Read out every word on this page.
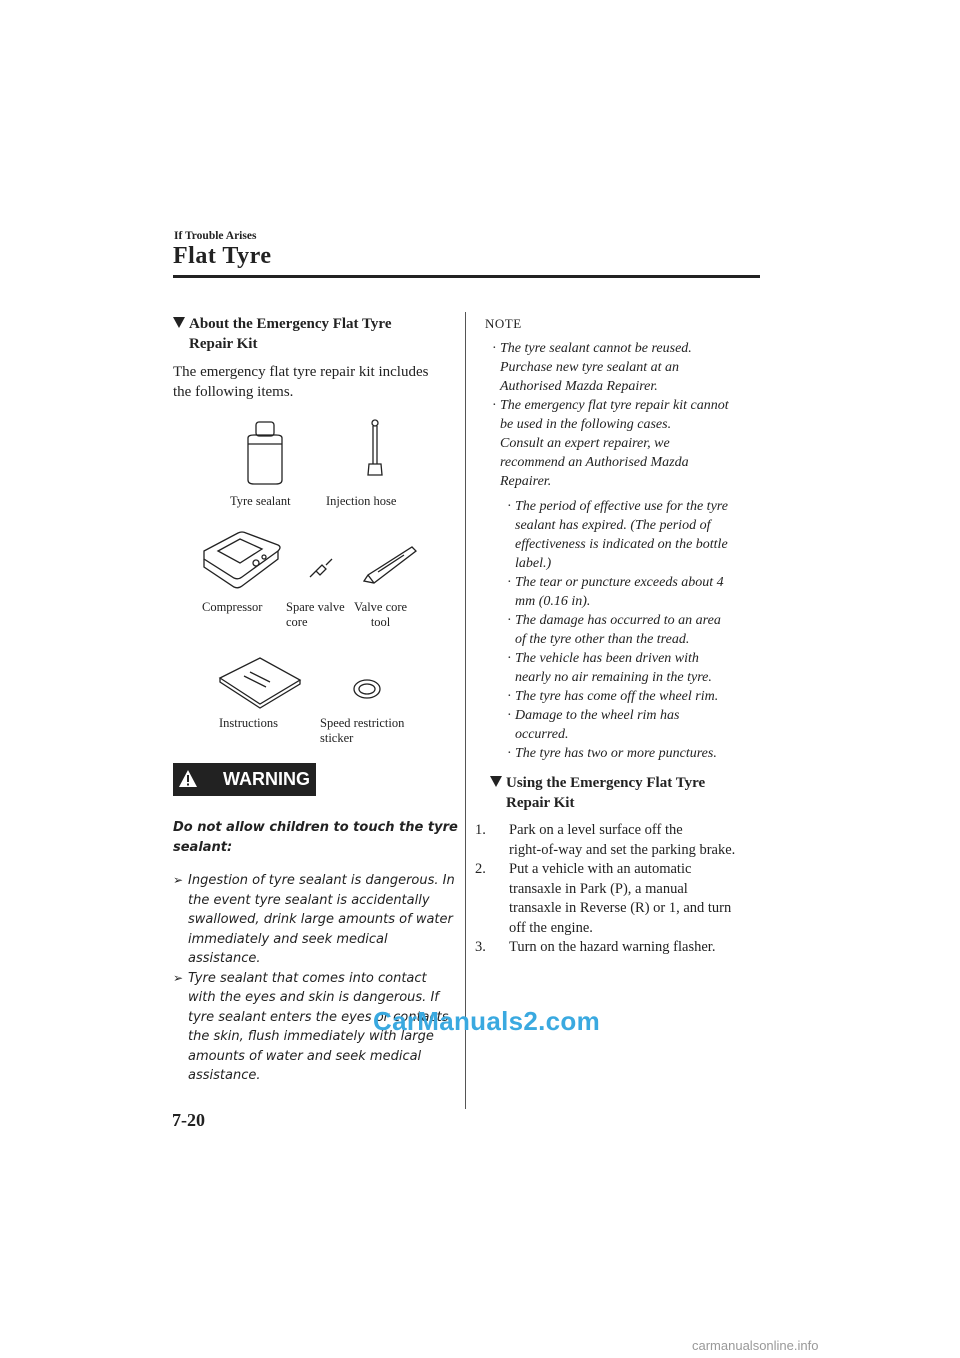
If Trouble Arises
Flat Tyre
About the Emergency Flat Tyre
Repair Kit
The emergency flat tyre repair kit includes
the following items.
Tyre sealant	Injection hose
Compressor Spare valve
core
Valve core
tool
Instructions	Speed restriction
sticker
WARNING
Do not allow children to touch the tyre
sealant:
➢ Ingestion of tyre sealant is dangerous. In
the event tyre sealant is accidentally
swallowed, drink large amounts of water
immediately and seek medical
assistance.
➢ Tyre sealant that comes into contact
with the eyes and skin is dangerous. If
tyre sealant enters the eyes or contacts
the skin, flush immediately with large
amounts of water and seek medical
assistance.
NOTE
· The tyre sealant cannot be reused.
Purchase new tyre sealant at an
Authorised Mazda Repairer.
· The emergency flat tyre repair kit cannot
be used in the following cases.
Consult an expert repairer, we
recommend an Authorised Mazda
Repairer.
· The period of effective use for the tyre
sealant has expired. (The period of
effectiveness is indicated on the bottle
label.)
· The tear or puncture exceeds about 4
mm (0.16 in).
· The damage has occurred to an area
of the tyre other than the tread.
· The vehicle has been driven with
nearly no air remaining in the tyre.
· The tyre has come off the wheel rim.
· Damage to the wheel rim has
occurred.
· The tyre has two or more punctures.
Using the Emergency Flat Tyre
Repair Kit
1. Park on a level surface off the
right-of-way and set the parking brake.
2. Put a vehicle with an automatic
transaxle in Park (P), a manual
transaxle in Reverse (R) or 1, and turn
off the engine.
3. Turn on the hazard warning flasher.
CarManuals2.com
7-20
carmanualsonline.info
